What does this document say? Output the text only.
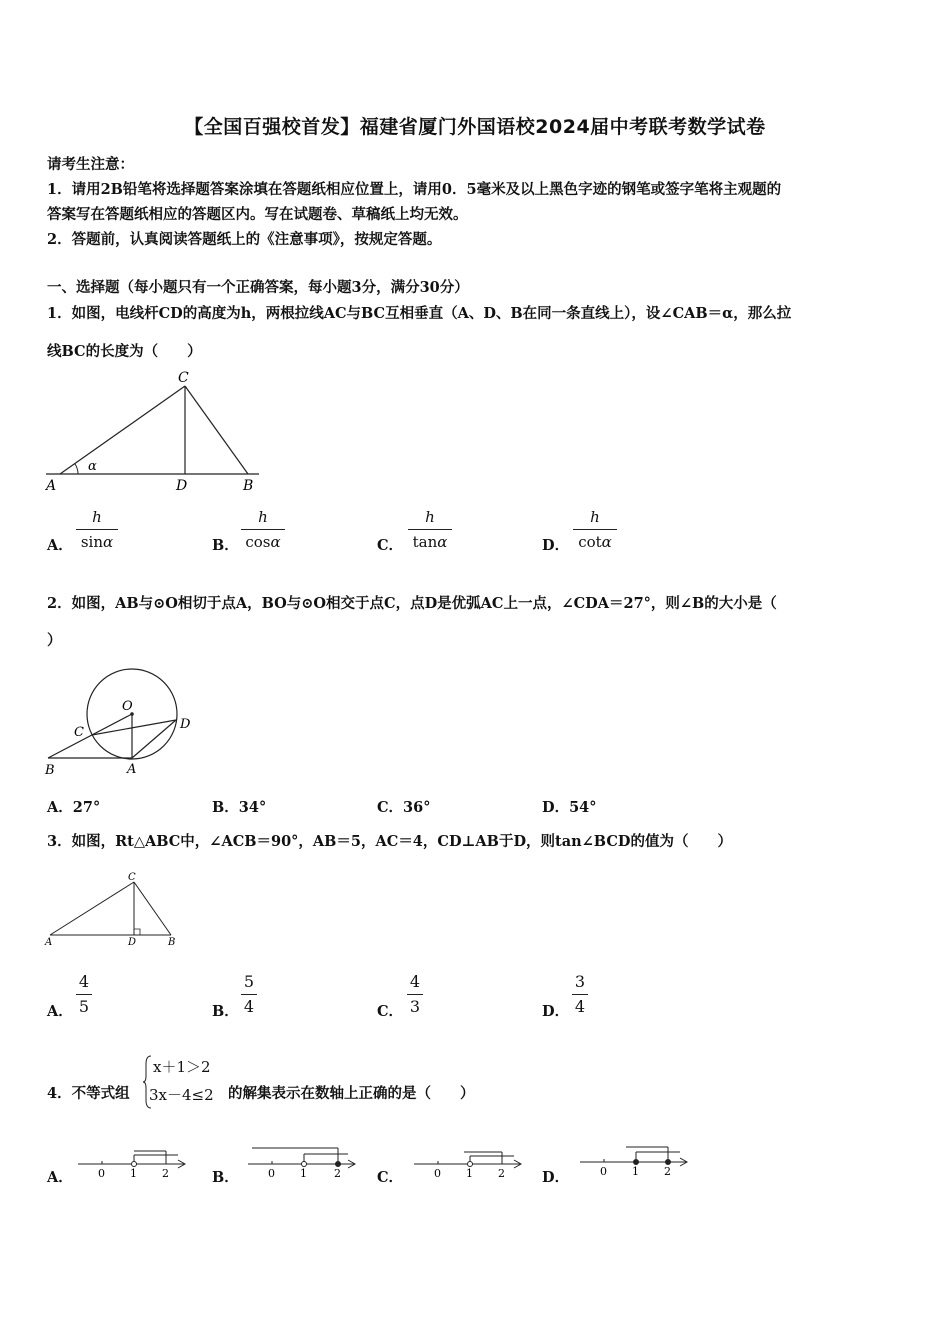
【全国百强校首发】福建省厦门外国语校2024届中考联考数学试卷
请考生注意：
1．请用2B铅笔将选择题答案涂填在答题纸相应位置上，请用0．5毫米及以上黑色字迹的钢笔或签字笔将主观题的
答案写在答题纸相应的答题区内。写在试题卷、草稿纸上均无效。
2．答题前，认真阅读答题纸上的《注意事项》，按规定答题。
一、选择题（每小题只有一个正确答案，每小题3分，满分30分）
1．如图，电线杆CD的高度为h，两根拉线AC与BC互相垂直（A、D、B在同一条直线上），设∠CAB＝α，那么拉
线BC的长度为（　　）
C
A	D	B
α
A．
h
sinα	B．
h
cosα	C．
h
tanα	D．
h
cotα
2．如图，AB与⊙O相切于点A，BO与⊙O相交于点C，点D是优弧AC上一点，∠CDA＝27°，则∠B的大小是（
）
O
C
D
B	A
A．27°	B．34°	C．36°	D．54°
3．如图，Rt△ABC中，∠ACB＝90°，AB＝5，AC＝4，CD⊥AB于D，则tan∠BCD的值为（　　）
C
A	D	B
A．
4
5	B．
5
4	C．
4
3	D．
3
4
4．不等式组
x＋1＞2
3x－4≤2 的解集表示在数轴上正确的是（　　）
A． 0 1 2	B．	0 1 2 C．	0 1 2	D．	0 1 2
